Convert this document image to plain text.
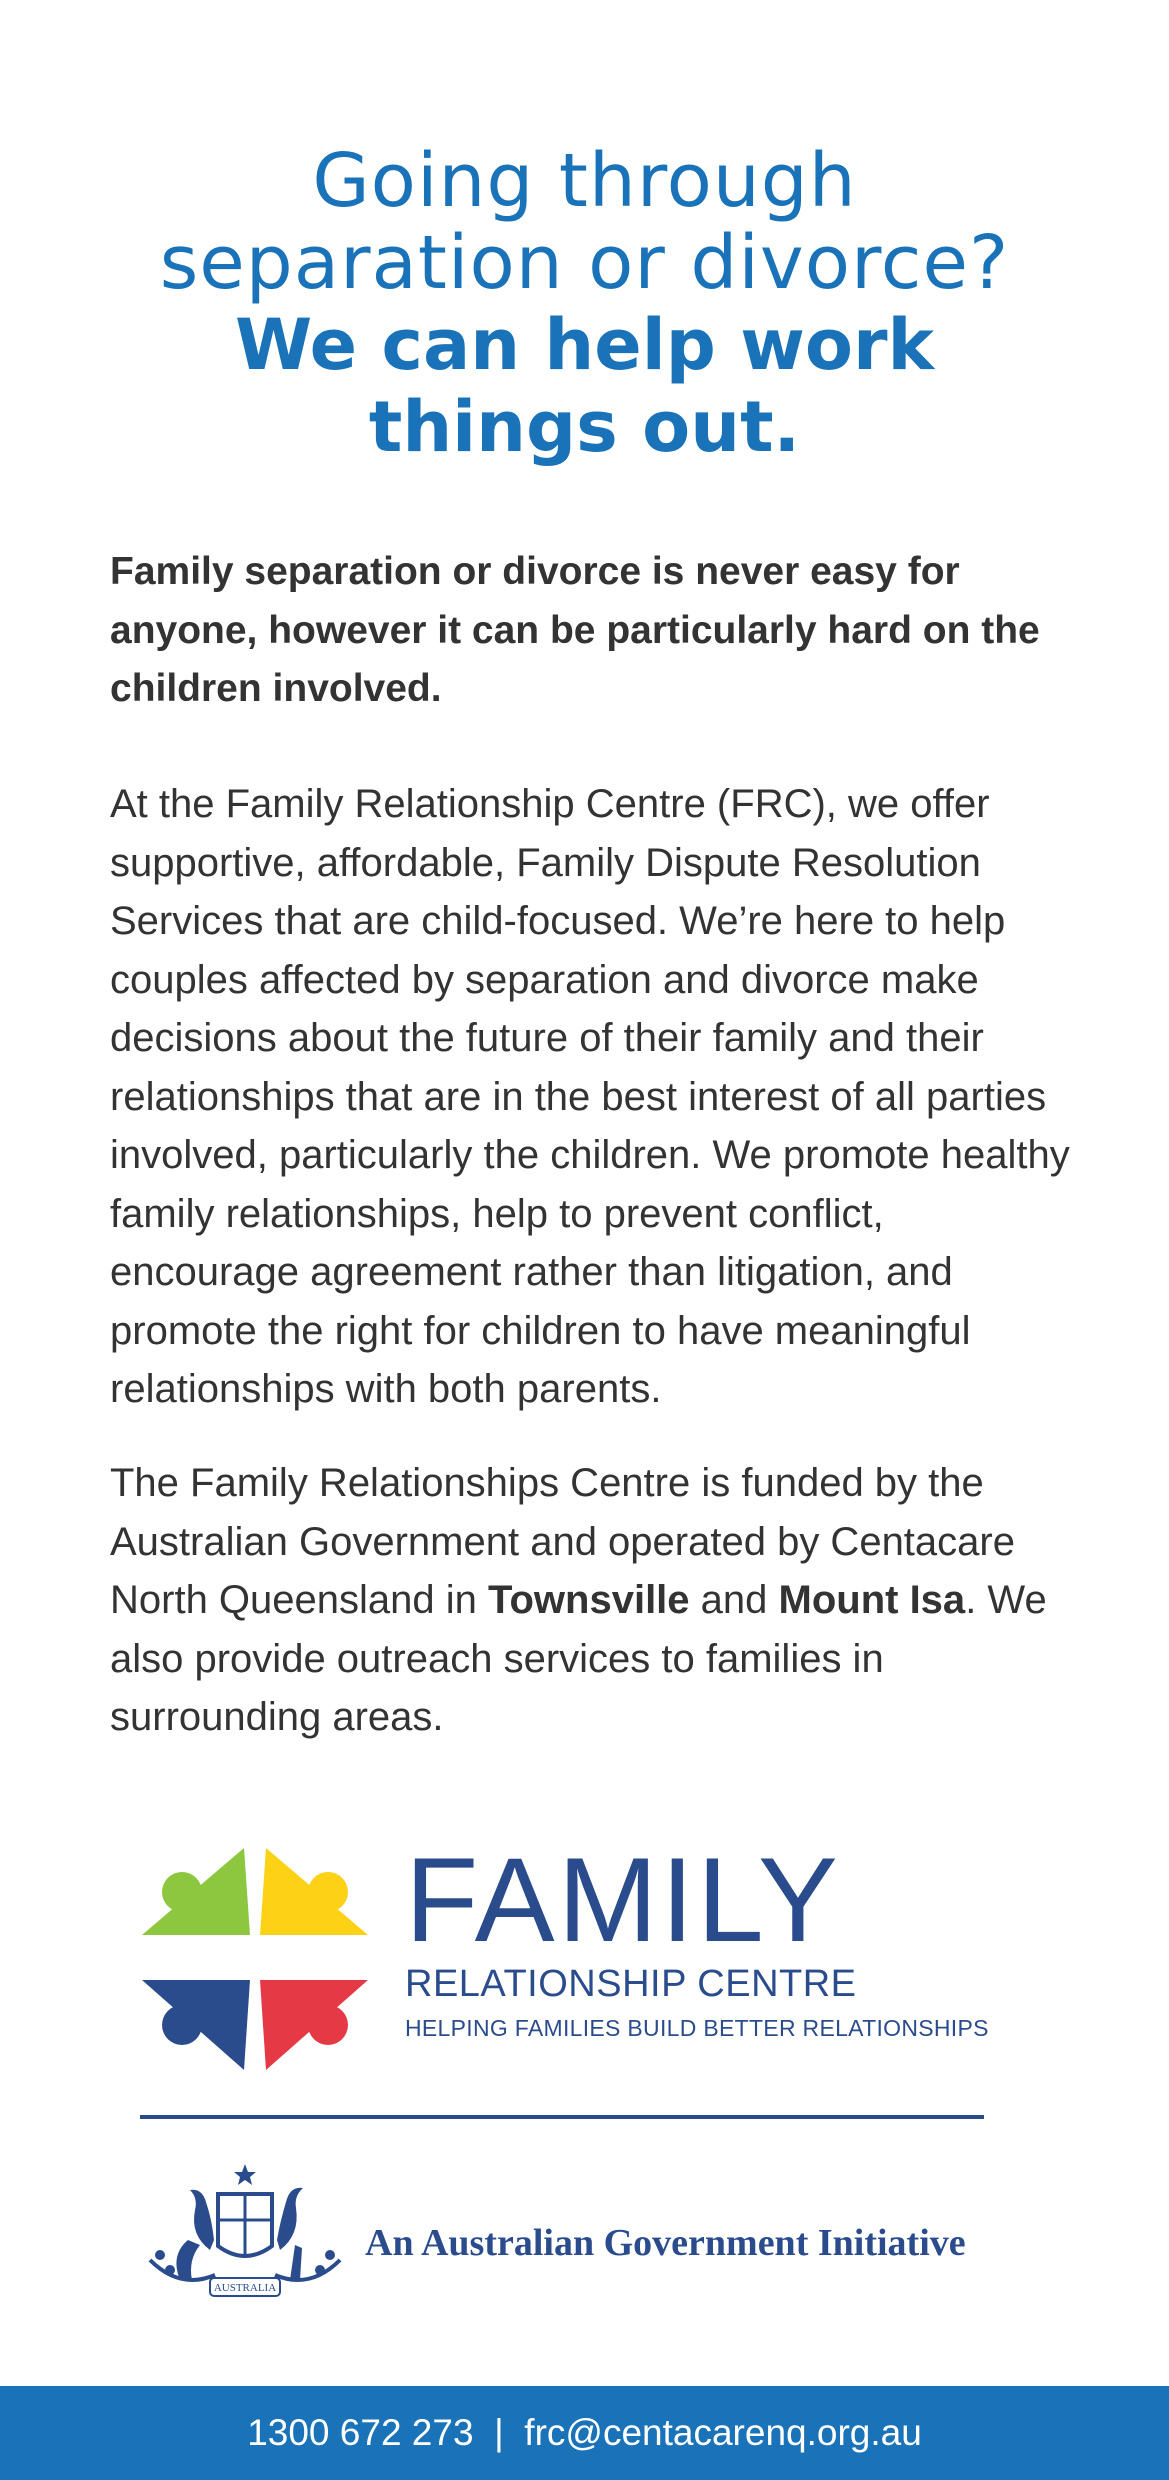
Going through
separation or divorce?
We can help work
things out.
Family separation or divorce is never easy for anyone, however it can be particularly hard on the children involved.
At the Family Relationship Centre (FRC), we offer supportive, affordable, Family Dispute Resolution Services that are child-focused. We’re here to help couples affected by separation and divorce make decisions about the future of their family and their relationships that are in the best interest of all parties involved, particularly the children. We promote healthy family relationships, help to prevent conflict, encourage agreement rather than litigation, and promote the right for children to have meaningful relationships with both parents.
The Family Relationships Centre is funded by the Australian Government and operated by Centacare North Queensland in Townsville and Mount Isa. We also provide outreach services to families in surrounding areas.
FAMILY
RELATIONSHIP CENTRE
HELPING FAMILIES BUILD BETTER RELATIONSHIPS
AUSTRALIA
An Australian Government Initiative
1300 672 273 | frc@centacarenq.org.au
